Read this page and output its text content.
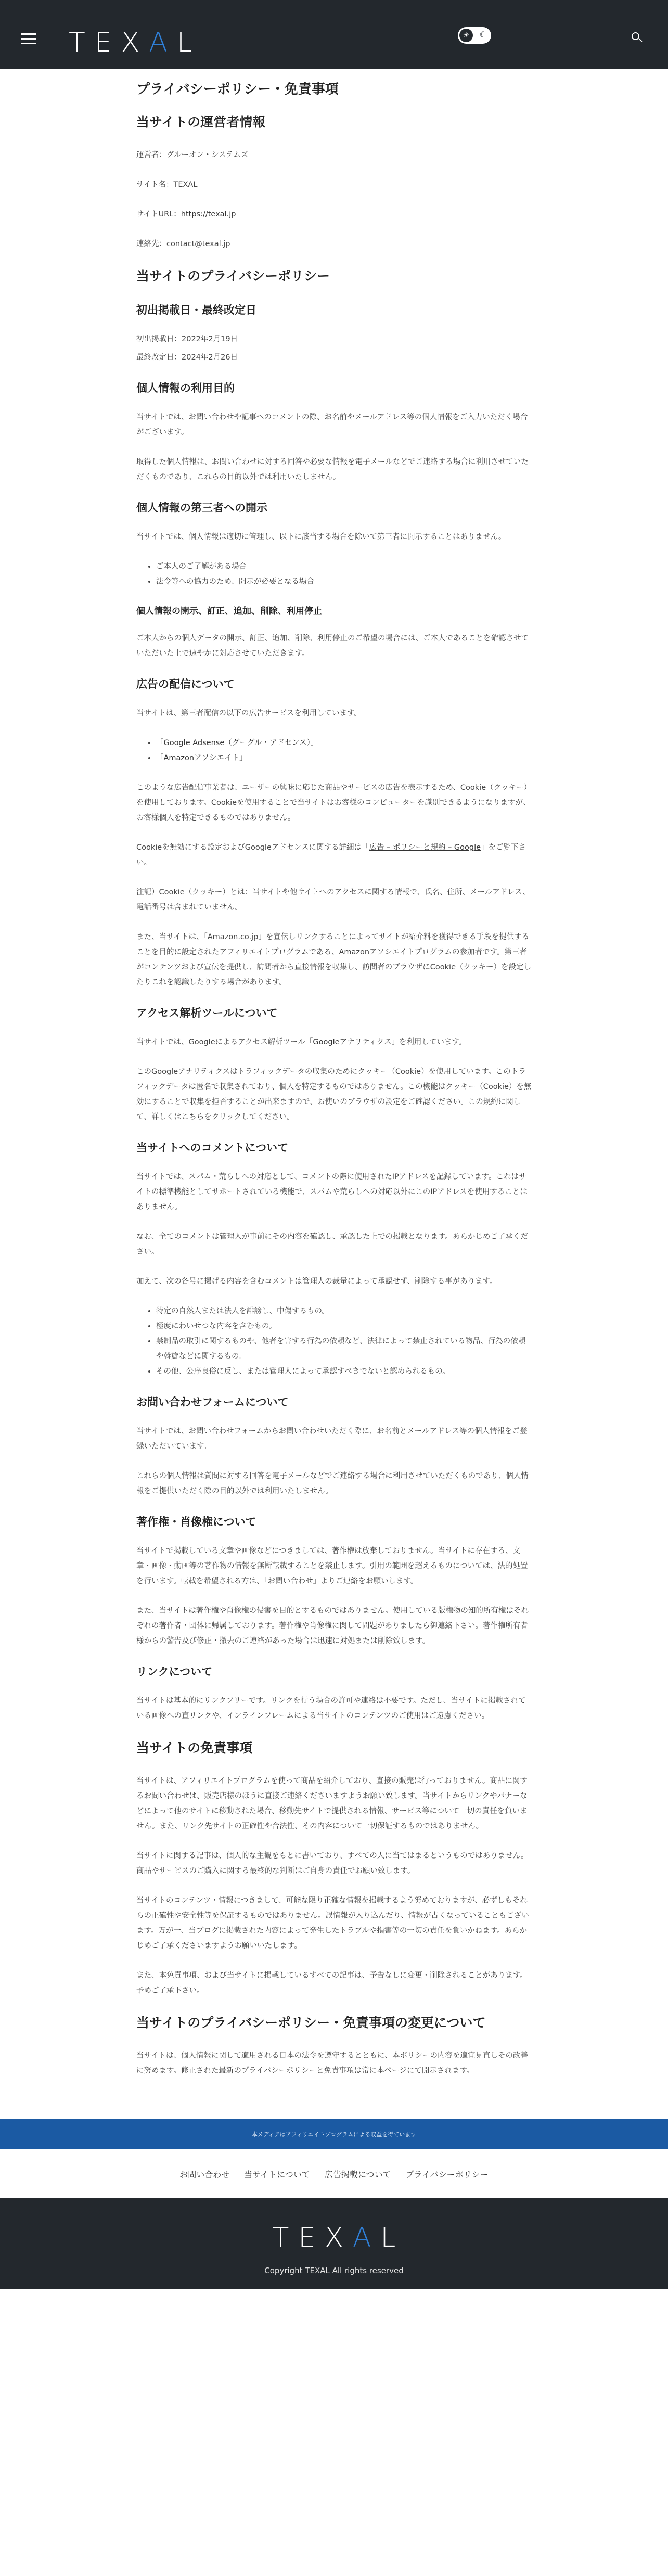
TEXAL	☀	☾
プライバシーポリシー・免責事項
当サイトの運営者情報

運営者：グルーオン・システムズ

サイト名：TEXAL

サイトURL：https://texal.jp

連絡先：contact@texal.jp

当サイトのプライバシーポリシー
初出掲載日・最終改定日

初出掲載日：2022年2月19日

最終改定日：2024年2月26日

個人情報の利用目的

当サイトでは、お問い合わせや記事へのコメントの際、お名前やメールアドレス等の個人情報をご入力いただく場合がございます。

取得した個人情報は、お問い合わせに対する回答や必要な情報を電子メールなどでご連絡する場合に利用させていただくものであり、これらの目的以外では利用いたしません。

個人情報の第三者への開示

当サイトでは、個人情報は適切に管理し、以下に該当する場合を除いて第三者に開示することはありません。

• ご本人のご了解がある場合
• 法令等への協力のため、開示が必要となる場合
個人情報の開示、訂正、追加、削除、利用停止

ご本人からの個人データの開示、訂正、追加、削除、利用停止のご希望の場合には、ご本人であることを確認させていただいた上で速やかに対応させていただきます。

広告の配信について

当サイトは、第三者配信の以下の広告サービスを利用しています。

• 「Google Adsense（グーグル・アドセンス）」
• 「Amazonアソシエイト」

このような広告配信事業者は、ユーザーの興味に応じた商品やサービスの広告を表示するため、Cookie（クッキー）を使用しております。Cookieを使用することで当サイトはお客様のコンピューターを識別できるようになりますが、お客様個人を特定できるものではありません。

Cookieを無効にする設定およびGoogleアドセンスに関する詳細は「広告 – ポリシーと規約 – Google」をご覧下さい。

注記）Cookie（クッキー）とは：当サイトや他サイトへのアクセスに関する情報で、氏名、住所、メールアドレス、電話番号は含まれていません。

また、当サイトは、「Amazon.co.jp」を宣伝しリンクすることによってサイトが紹介料を獲得できる手段を提供することを目的に設定されたアフィリエイトプログラムである、Amazonアソシエイトプログラムの参加者です。第三者がコンテンツおよび宣伝を提供し、訪問者から直接情報を収集し、訪問者のブラウザにCookie（クッキー）を設定したりこれを認識したりする場合があります。

アクセス解析ツールについて

当サイトでは、Googleによるアクセス解析ツール「Googleアナリティクス」を利用しています。

このGoogleアナリティクスはトラフィックデータの収集のためにクッキー（Cookie）を使用しています。このトラフィックデータは匿名で収集されており、個人を特定するものではありません。この機能はクッキー（Cookie）を無効にすることで収集を拒否することが出来ますので、お使いのブラウザの設定をご確認ください。この規約に関して、詳しくはこちらをクリックしてください。

当サイトへのコメントについて

当サイトでは、スパム・荒らしへの対応として、コメントの際に使用されたIPアドレスを記録しています。これはサイトの標準機能としてサポートされている機能で、スパムや荒らしへの対応以外にこのIPアドレスを使用することはありません。

なお、全てのコメントは管理人が事前にその内容を確認し、承認した上での掲載となります。あらかじめご了承ください。

加えて、次の各号に掲げる内容を含むコメントは管理人の裁量によって承認せず、削除する事があります。

• 特定の自然人または法人を誹謗し、中傷するもの。
• 極度にわいせつな内容を含むもの。
• 禁制品の取引に関するものや、他者を害する行為の依頼など、法律によって禁止されている物品、行為の依頼や斡旋などに関するもの。
• その他、公序良俗に反し、または管理人によって承認すべきでないと認められるもの。
お問い合わせフォームについて

当サイトでは、お問い合わせフォームからお問い合わせいただく際に、お名前とメールアドレス等の個人情報をご登録いただいています。

これらの個人情報は質問に対する回答を電子メールなどでご連絡する場合に利用させていただくものであり、個人情報をご提供いただく際の目的以外では利用いたしません。

著作権・肖像権について

当サイトで掲載している文章や画像などにつきましては、著作権は放棄しておりません。当サイトに存在する、文章・画像・動画等の著作物の情報を無断転載することを禁止します。引用の範囲を超えるものについては、法的処置を行います。転載を希望される方は、「お問い合わせ」よりご連絡をお願いします。

また、当サイトは著作権や肖像権の侵害を目的とするものではありません。使用している版権物の知的所有権はそれぞれの著作者・団体に帰属しております。著作権や肖像権に関して問題がありましたら御連絡下さい。著作権所有者様からの警告及び修正・撤去のご連絡があった場合は迅速に対処または削除致します。

リンクについて

当サイトは基本的にリンクフリーです。リンクを行う場合の許可や連絡は不要です。ただし、当サイトに掲載されている画像への直リンクや、インラインフレームによる当サイトのコンテンツのご使用はご遠慮ください。

当サイトの免責事項

当サイトは、アフィリエイトプログラムを使って商品を紹介しており、直接の販売は行っておりません。商品に関するお問い合わせは、販売店様のほうに直接ご連絡くださいますようお願い致します。当サイトからリンクやバナーなどによって他のサイトに移動された場合、移動先サイトで提供される情報、サービス等について一切の責任を負いません。また、リンク先サイトの正確性や合法性、その内容について一切保証するものではありません。

当サイトに関する記事は、個人的な主観をもとに書いており、すべての人に当てはまるというものではありません。商品やサービスのご購入に関する最終的な判断はご自身の責任でお願い致します。

当サイトのコンテンツ・情報につきまして、可能な限り正確な情報を掲載するよう努めておりますが、必ずしもそれらの正確性や安全性等を保証するものではありません。誤情報が入り込んだり、情報が古くなっていることもございます。万が一、当ブログに掲載された内容によって発生したトラブルや損害等の一切の責任を負いかねます。あらかじめご了承くださいますようお願いいたします。

また、本免責事項、および当サイトに掲載しているすべての記事は、予告なしに変更・削除されることがあります。予めご了承下さい。

当サイトのプライバシーポリシー・免責事項の変更について

当サイトは、個人情報に関して適用される日本の法令を遵守するとともに、本ポリシーの内容を適宜見直しその改善に努めます。修正された最新のプライバシーポリシーと免責事項は常に本ページにて開示されます。

本メディアはアフィリエイトプログラムによる収益を得ています
お問い合わせ 当サイトについて 広告掲載について プライバシーポリシー
TEXAL
Copyright TEXAL All rights reserved
